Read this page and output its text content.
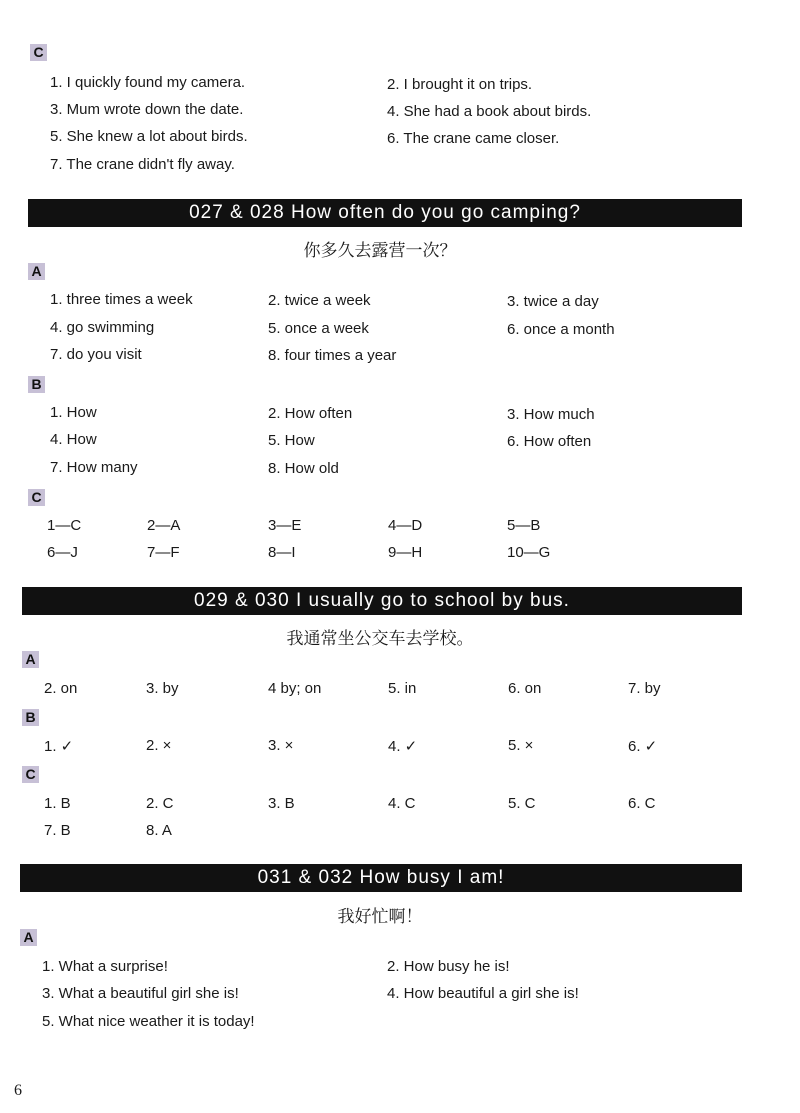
C
1. I quickly found my camera.	2. I brought it on trips.
3. Mum wrote down the date.	4. She had a book about birds.
5. She knew a lot about birds.	6. The crane came closer.
7. The crane didn't fly away.
027 & 028 How often do you go camping?
你多久去露营一次？
A
1. three times a week	2. twice a week	3. twice a day
4. go swimming	5. once a week	6. once a month
7. do you visit	8. four times a year
B
1. How	2. How often	3. How much
4. How	5. How	6. How often
7. How many	8. How old
C
1—C	2—A	3—E	4—D	5—B
6—J	7—F	8—I	9—H	10—G
029 & 030 I usually go to school by bus.
我通常坐公交车去学校。
A
2. on	3. by	4 by; on	5. in	6. on	7. by
B
1. ✓	2. ×	3. ×	4. ✓	5. ×	6. ✓
C
1. B	2. C	3. B	4. C	5. C	6. C
7. B	8. A
031 & 032 How busy I am!
我好忙啊！
A
1. What a surprise!	2. How busy he is!
3. What a beautiful girl she is!	4. How beautiful a girl she is!
5. What nice weather it is today!
6
